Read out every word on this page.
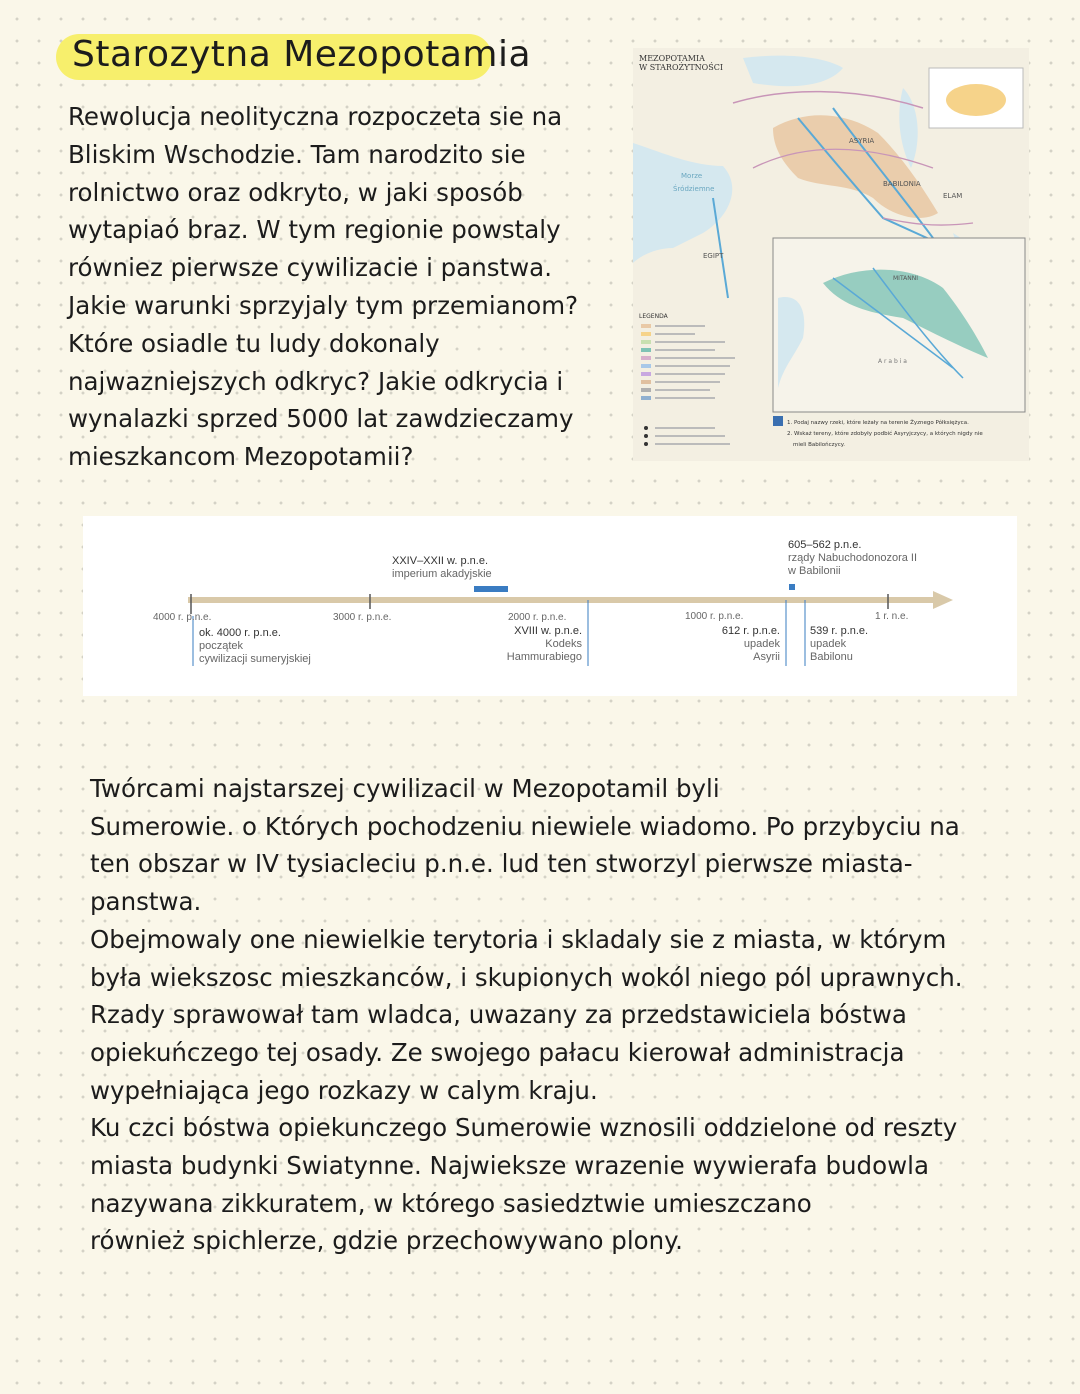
Starozytna Mezopotamia

Rewolucja neolityczna rozpoczeta sie na
Bliskim Wschodzie. Tam narodzito sie
rolnictwo oraz odkryto, w jaki sposób
wytapiaó braz. W tym regionie powstaly
równiez pierwsze cywilizacie i panstwa.
Jakie warunki sprzyjaly tym przemianom?
Które osiadle tu ludy dokonaly
najwazniejszych odkryc? Jakie odkrycia i
wynalazki sprzed 5000 lat zawdzieczamy
mieszkancom Mezopotamii?

MEZOPOTAMIA
W STAROŻYTNOŚCI
Morze
Śródziemne
EGIPT
ASYRIA
BABILONIA
ELAM
LEGENDA
A r a b i a
MITANNI
1. Podaj nazwy rzeki, które leżały na terenie Żyznego Półksiężyca.
2. Wskaż tereny, które zdobyły podbić Asyryjczycy, a których nigdy nie
mieli Babilończycy.
XXIV–XXII w. p.n.e.
imperium akadyjskie
605–562 p.n.e.
rządy Nabuchodonozora II
w Babilonii
4000 r. p.n.e.	3000 r. p.n.e.	2000 r. p.n.e.	1000 r. p.n.e.	1 r. n.e.
ok. 4000 r. p.n.e.
początek
cywilizacji sumeryjskiej
XVIII w. p.n.e.
Kodeks
Hammurabiego
612 r. p.n.e.
upadek
Asyrii
539 r. p.n.e.
upadek
Babilonu
Twórcami najstarszej cywilizacil w Mezopotamil byli
Sumerowie. o Których pochodzeniu niewiele wiadomo. Po przybyciu na
ten obszar w IV tysiacleciu p.n.e. lud ten stworzyl pierwsze miasta-
panstwa.
Obejmowaly one niewielkie terytoria i skladaly sie z miasta, w którym
była wiekszosc mieszkanców, i skupionych wokól niego pól uprawnych.
Rzady sprawował tam wladca, uwazany za przedstawiciela bóstwa
opiekuńczego tej osady. Ze swojego pałacu kierował administracja
wypełniająca jego rozkazy w calym kraju.
Ku czci bóstwa opiekunczego Sumerowie wznosili oddzielone od reszty
miasta budynki Swiatynne. Najwieksze wrazenie wywierafa budowla
nazywana zikkuratem, w którego sasiedztwie umieszczano
również spichlerze, gdzie przechowywano plony.
